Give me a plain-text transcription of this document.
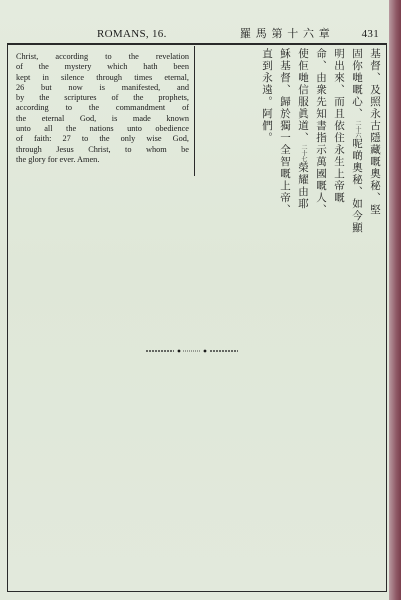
ROMANS, 16.	羅 馬 第 十 六 章	431
Christ, according to the revelation
of the mystery which hath been
kept in silence through times eternal,
26 but now is manifested, and
by the scriptures of the prophets,
according to the commandment of
the eternal God, is made known
unto all the nations unto obedience
of faith: 27 to the only wise God,
through Jesus Christ, to whom be
the glory for ever. Amen.	基督、及照永古隱藏嘅奧秘、堅
固你哋嘅心、二十六呢啲奧秘、如今顯
明出來、而且依住永生上帝嘅
命、由衆先知書指示萬國嘅人、
使佢哋信服眞道、二十七榮耀由耶
穌基督、歸於獨一全智嘅上帝、
直到永遠。阿們。
